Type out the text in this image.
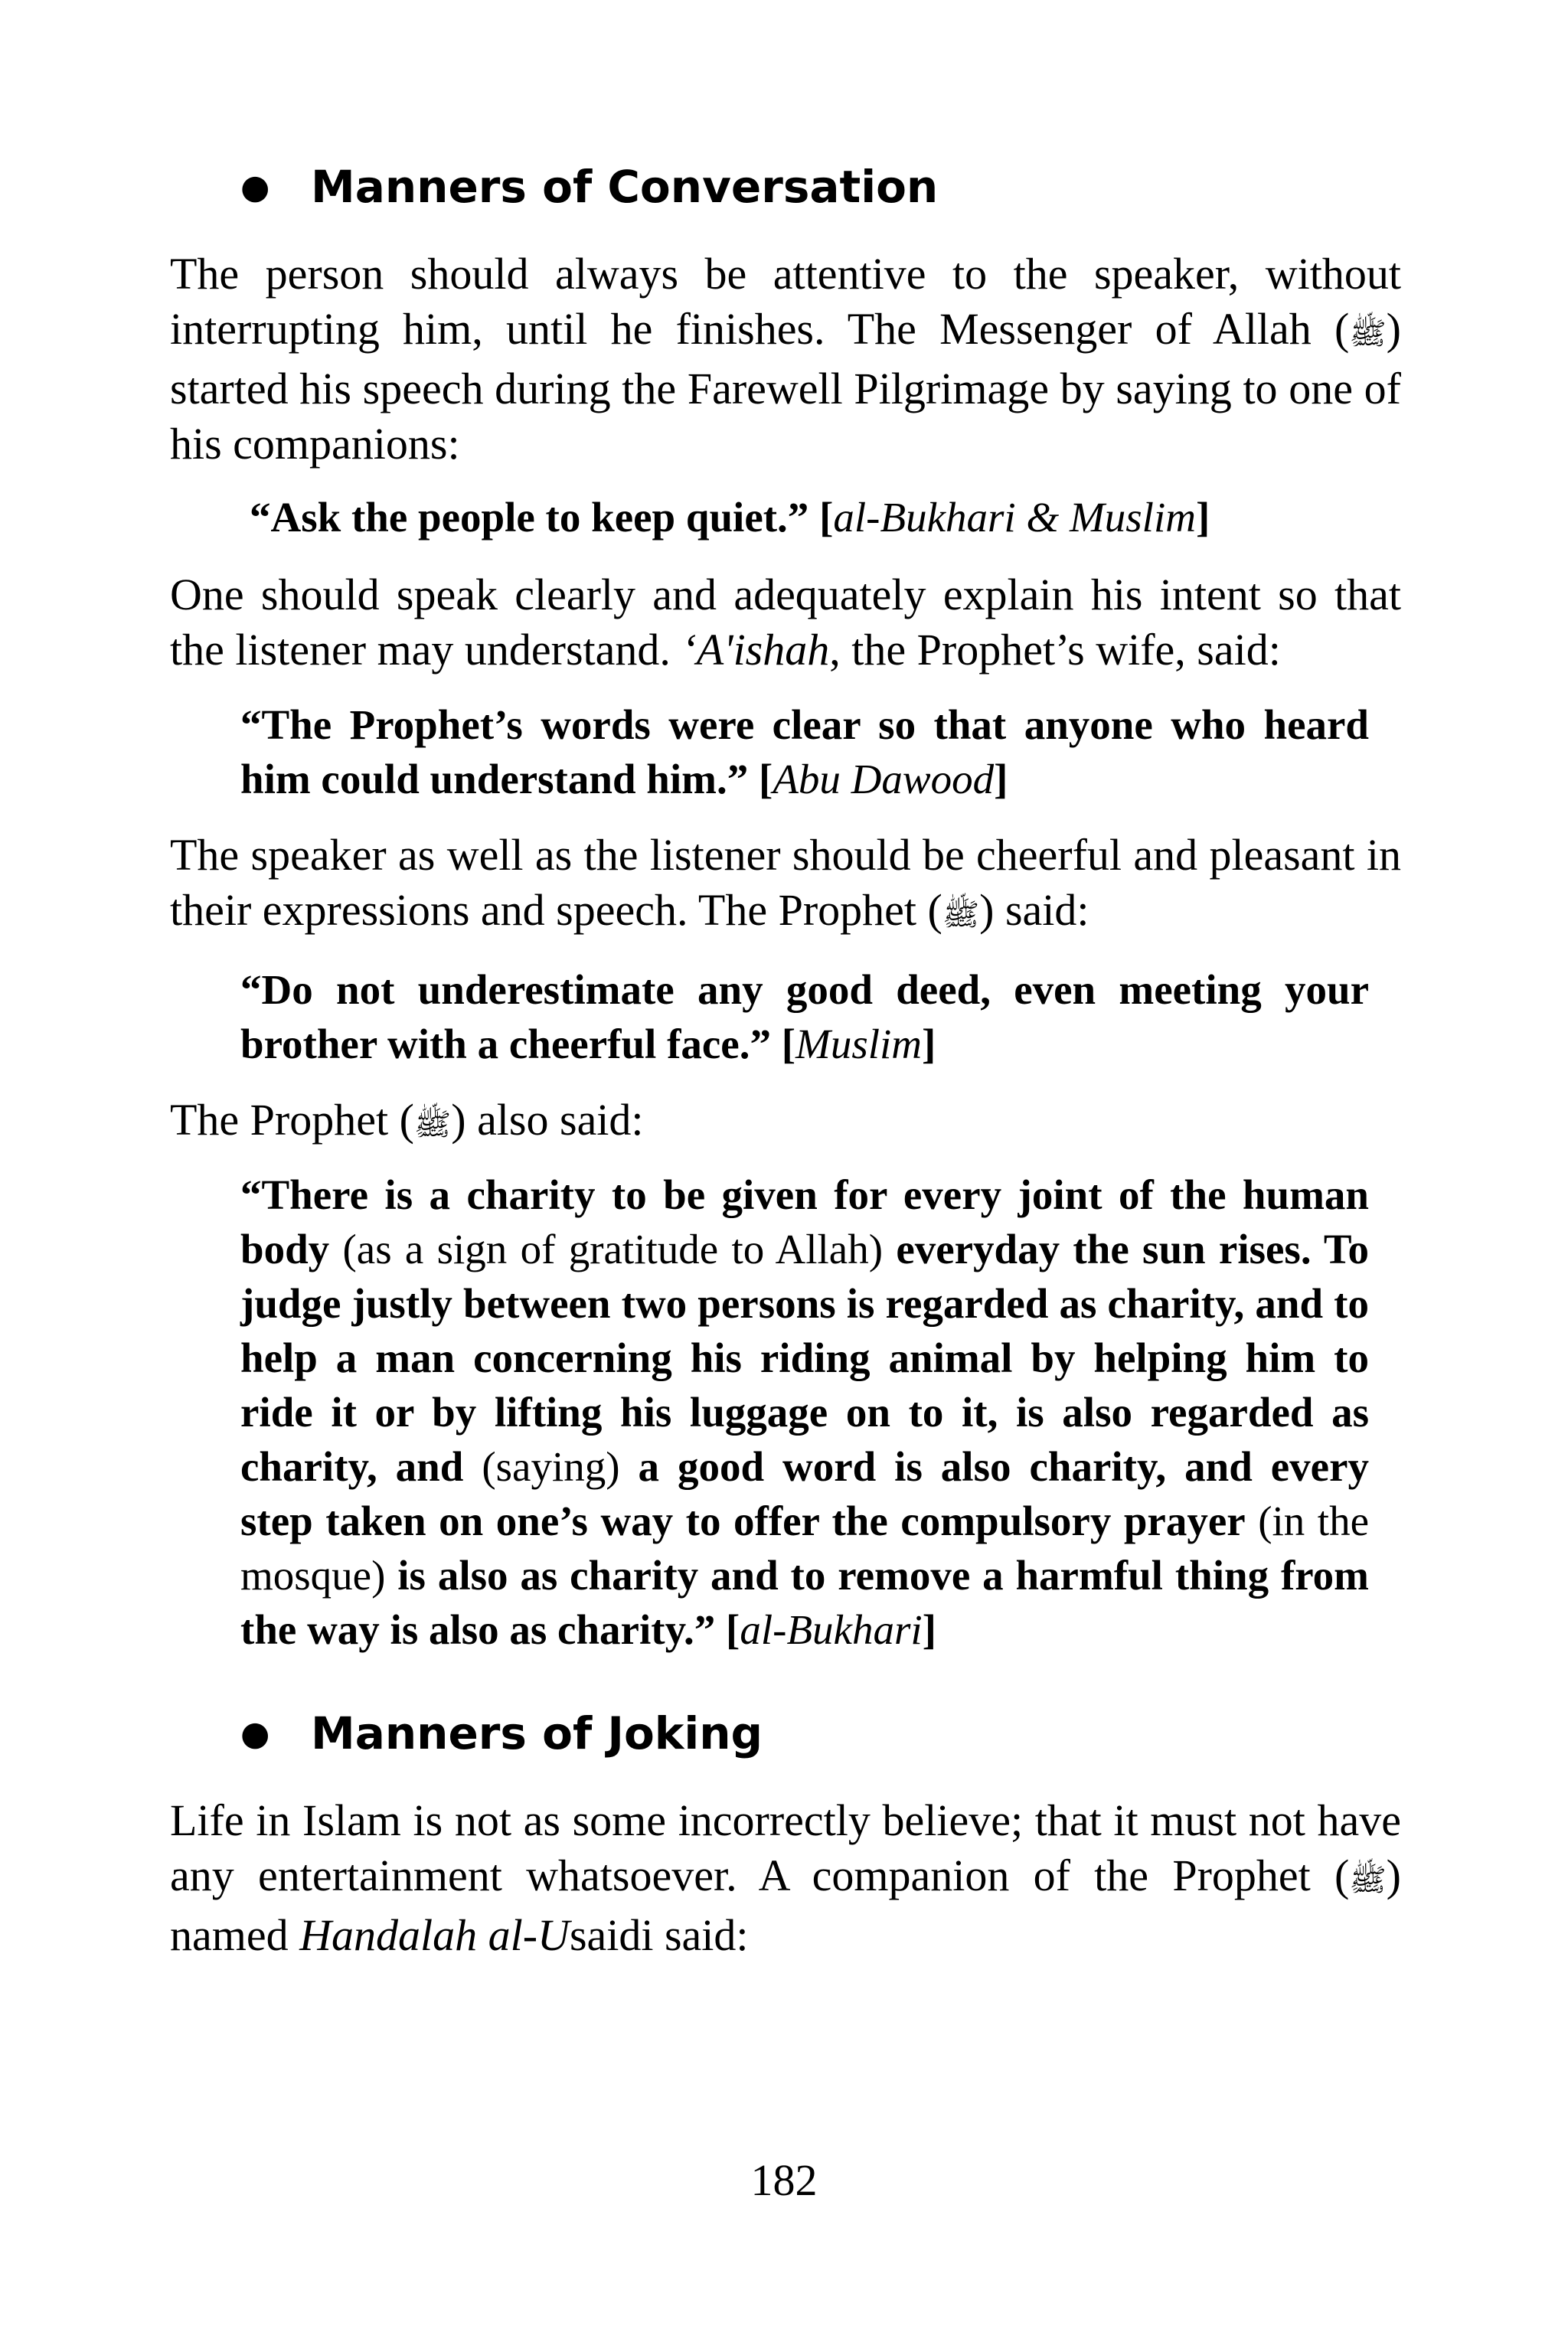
● Manners of Conversation

The person should always be attentive to the speaker, without interrupting him, until he finishes. The Messenger of Allah (ﷺ) started his speech during the Farewell Pilgrimage by saying to one of his companions:

“Ask the people to keep quiet.” [al-Bukhari & Muslim]

One should speak clearly and adequately explain his intent so that the listener may understand. ‘A'ishah, the Prophet’s wife, said:

“The Prophet’s words were clear so that anyone who heard him could understand him.” [Abu Dawood]

The speaker as well as the listener should be cheerful and pleasant in their expressions and speech. The Prophet (ﷺ) said:

“Do not underestimate any good deed, even meeting your brother with a cheerful face.” [Muslim]

The Prophet (ﷺ) also said:

“There is a charity to be given for every joint of the human body (as a sign of gratitude to Allah) everyday the sun rises. To judge justly between two persons is regarded as charity, and to help a man concerning his riding animal by helping him to ride it or by lifting his luggage on to it, is also regarded as charity, and (saying) a good word is also charity, and every step taken on one’s way to offer the compulsory prayer (in the mosque) is also as charity and to remove a harmful thing from the way is also as charity.” [al-Bukhari]

● Manners of Joking

Life in Islam is not as some incorrectly believe; that it must not have any entertainment whatsoever. A companion of the Prophet (ﷺ) named Handalah al-Usaidi said:

182
